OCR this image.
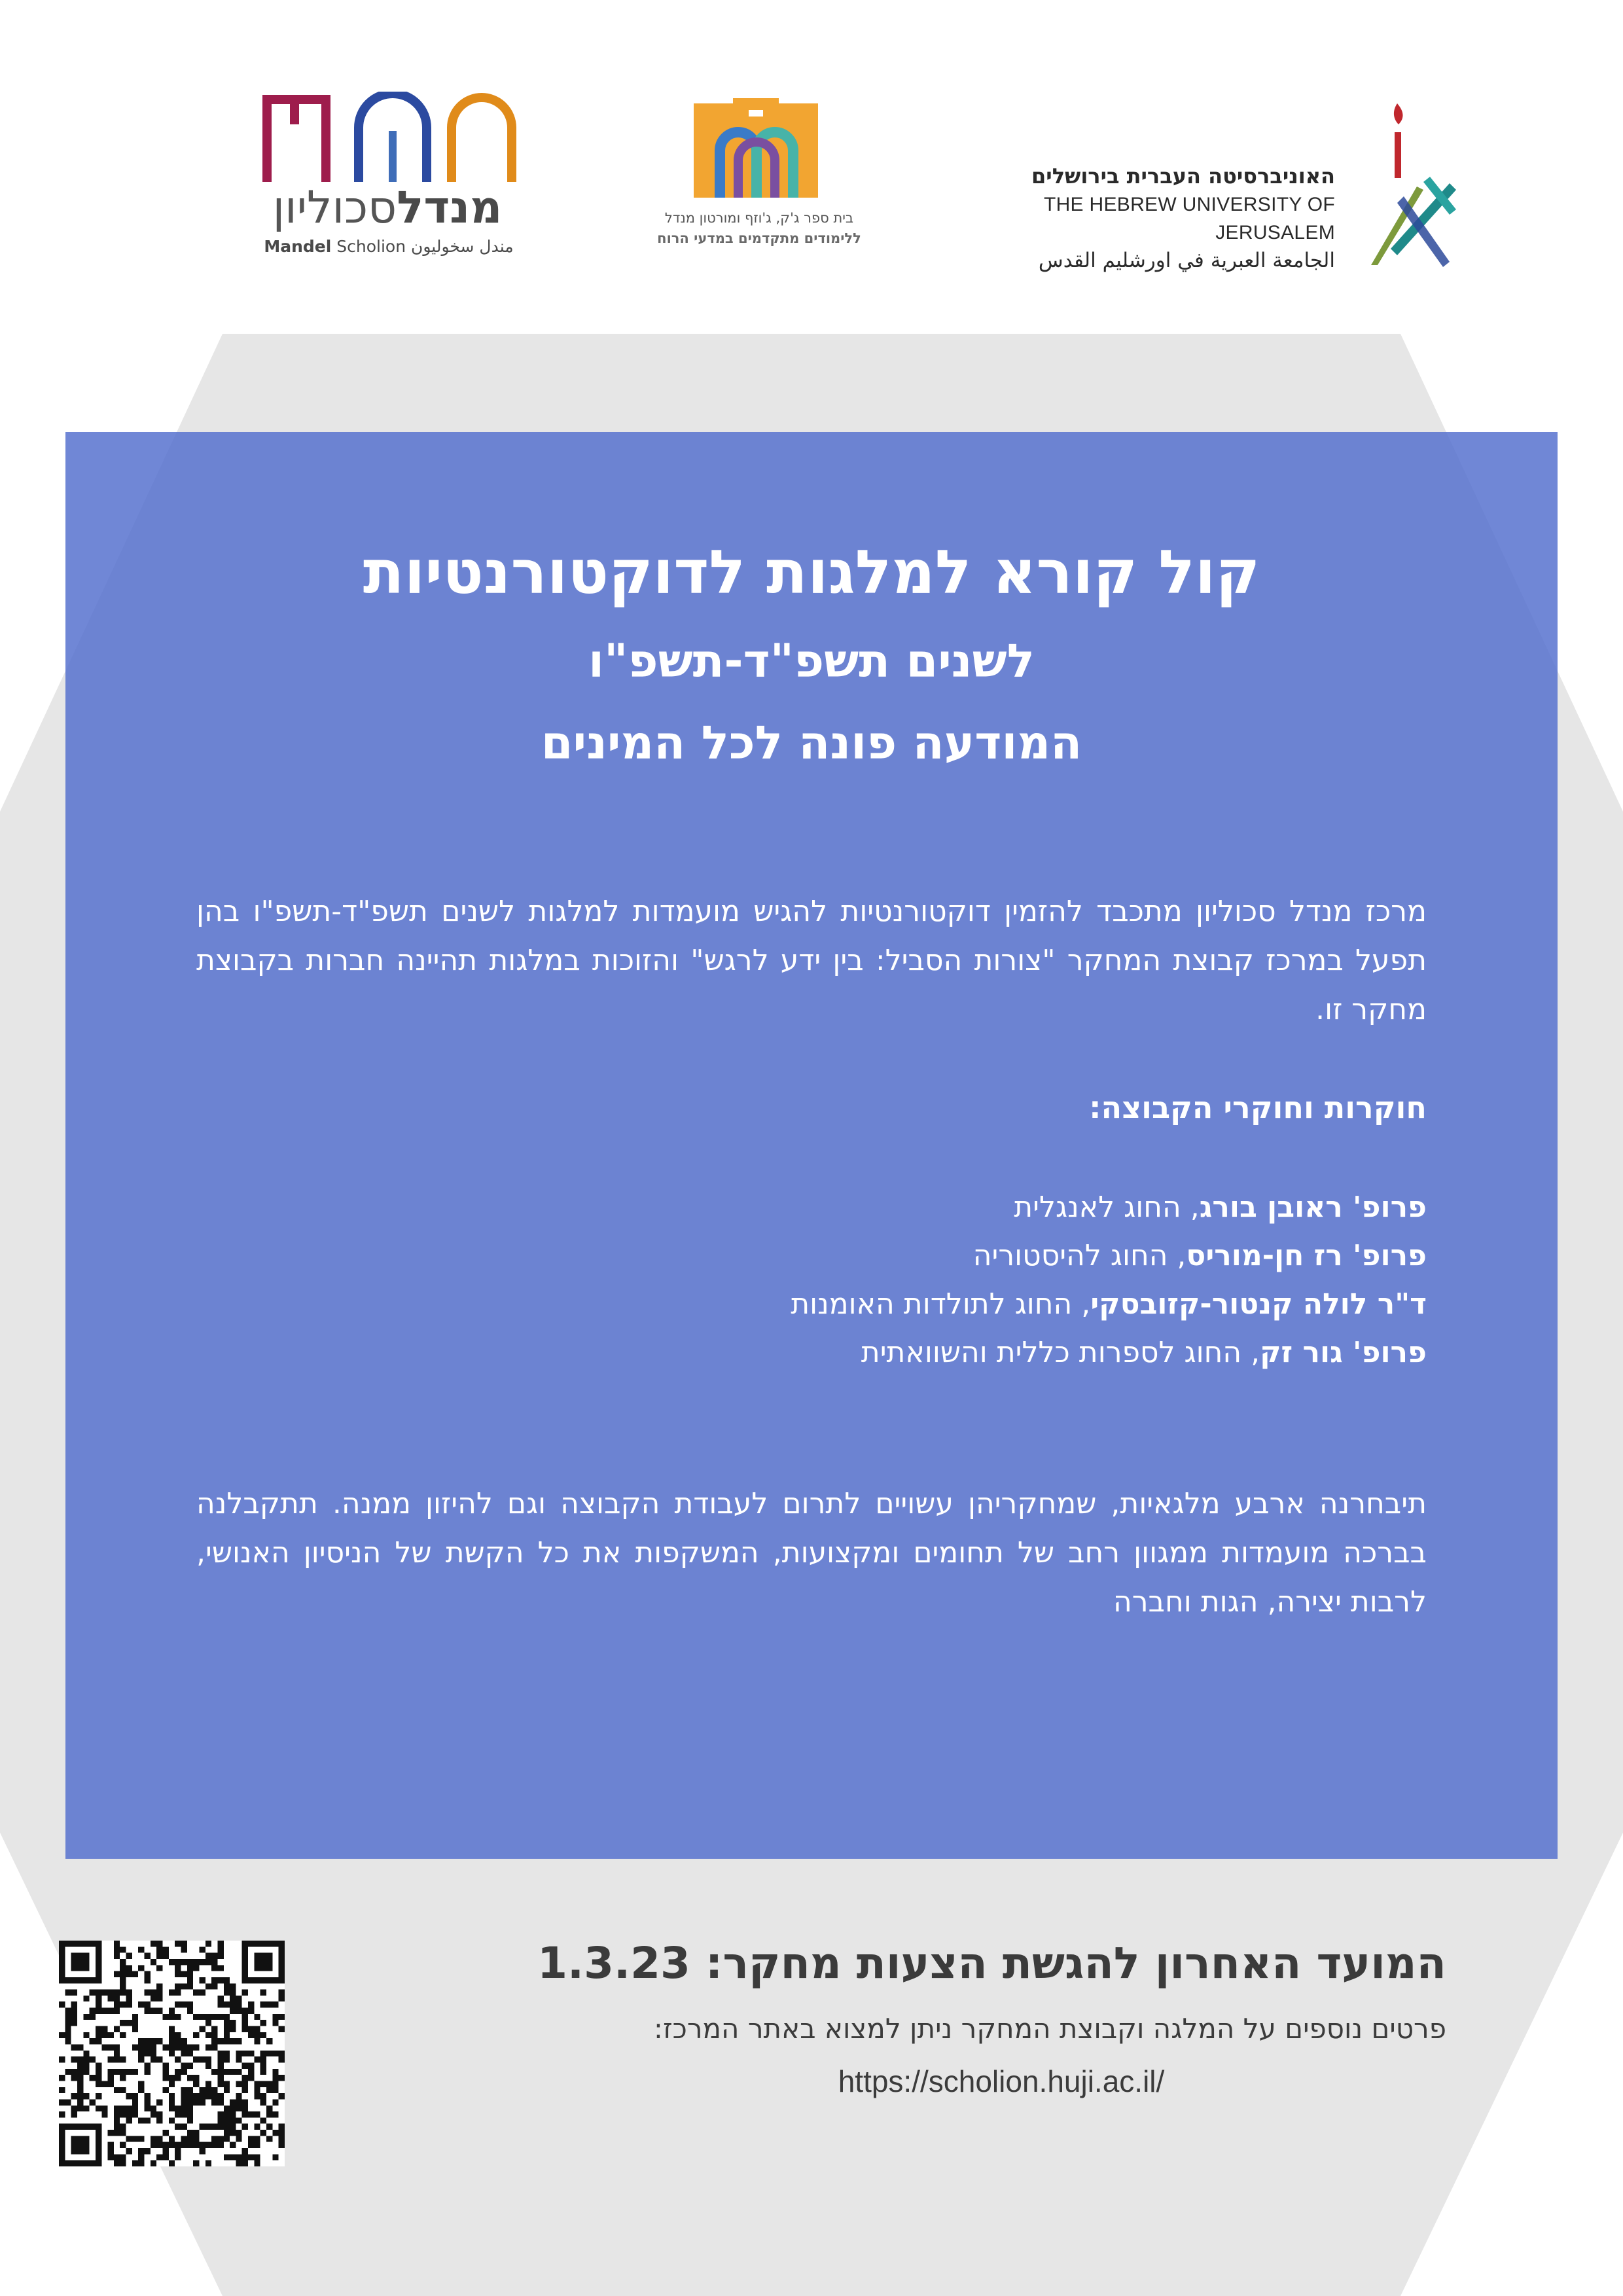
האוניברסיטה העברית בירושלים
THE HEBREW UNIVERSITY OF JERUSALEM
الجامعة العبرية في اورشليم القدس
בית ספר ג'ק, ג'וזף ומורטון מנדל
ללימודים מתקדמים במדעי הרוח
מנדלסכוליון
Mandel Scholion مندل سخوليون
קול קורא למלגות לדוקטורנטיות
לשנים תשפ"ד-תשפ"ו
המודעה פונה לכל המינים

מרכז מנדל סכוליון מתכבד להזמין דוקטורנטיות להגיש מועמדות למלגות לשנים תשפ"ד-תשפ"ו בהן תפעל במרכז קבוצת המחקר "צורות הסביל: בין ידע לרגש" והזוכות במלגות תהיינה חברות בקבוצת מחקר זו.

חוקרות וחוקרי הקבוצה:

פרופ' ראובן בורג, החוג לאנגלית
פרופ' רז חן-מוריס, החוג להיסטוריה
ד"ר לולה קנטור-קזובסקי, החוג לתולדות האומנות
פרופ' גור זק, החוג לספרות כללית והשוואתית

תיבחרנה ארבע מלגאיות, שמחקריהן עשויים לתרום לעבודת הקבוצה וגם להיזון ממנה. תתקבלנה בברכה מועמדות ממגוון רחב של תחומים ומקצועות, המשקפות את כל הקשת של הניסיון האנושי, לרבות יצירה, הגות וחברה

המועד האחרון להגשת הצעות מחקר: 1.3.23

פרטים נוספים על המלגה וקבוצת המחקר ניתן למצוא באתר המרכז:

https://scholion.huji.ac.il/
